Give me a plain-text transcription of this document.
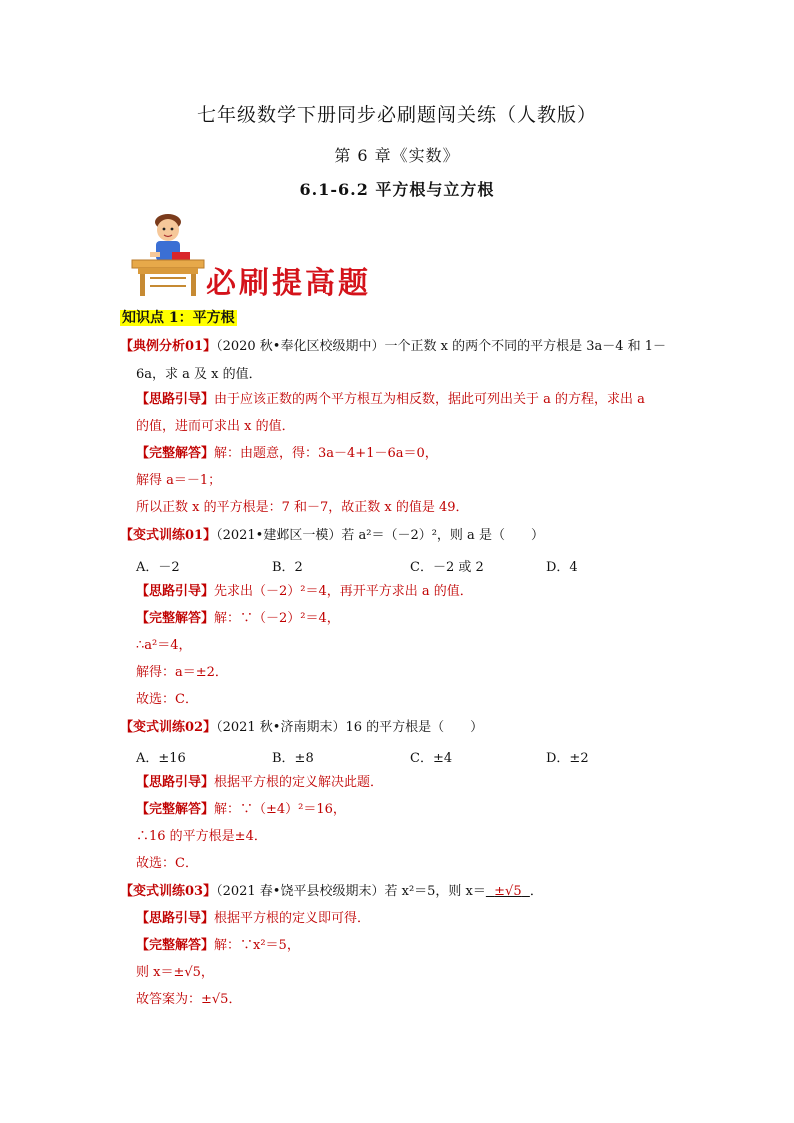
七年级数学下册同步必刷题闯关练（人教版）
第 6 章《实数》
6.1-6.2 平方根与立方根
必刷提高题
知识点 1：平方根
【典例分析01】（2020 秋•奉化区校级期中）一个正数 x 的两个不同的平方根是 3a－4 和 1－
6a，求 a 及 x 的值．
【思路引导】由于应该正数的两个平方根互为相反数，据此可列出关于 a 的方程，求出 a
的值，进而可求出 x 的值．
【完整解答】解：由题意，得：3a－4+1－6a＝0，
解得 a＝－1；
所以正数 x 的平方根是：7 和－7，故正数 x 的值是 49．
【变式训练01】（2021•建邺区一模）若 a²＝（－2）²，则 a 是（　　）
A．－2	B．2	C．－2 或 2	D．4
【思路引导】先求出（－2）²＝4，再开平方求出 a 的值．
【完整解答】解：∵（－2）²＝4，
∴a²＝4，
解得：a＝±2．
故选：C．
【变式训练02】（2021 秋•济南期末）16 的平方根是（　　）
A．±16	B．±8	C．±4	D．±2
【思路引导】根据平方根的定义解决此题．
【完整解答】解：∵（±4）²＝16，
∴16 的平方根是±4．
故选：C．
【变式训练03】（2021 春•饶平县校级期末）若 x²＝5，则 x＝ ±√5 ．
【思路引导】根据平方根的定义即可得．
【完整解答】解：∵x²＝5，
则 x＝±√5，
故答案为：±√5．
